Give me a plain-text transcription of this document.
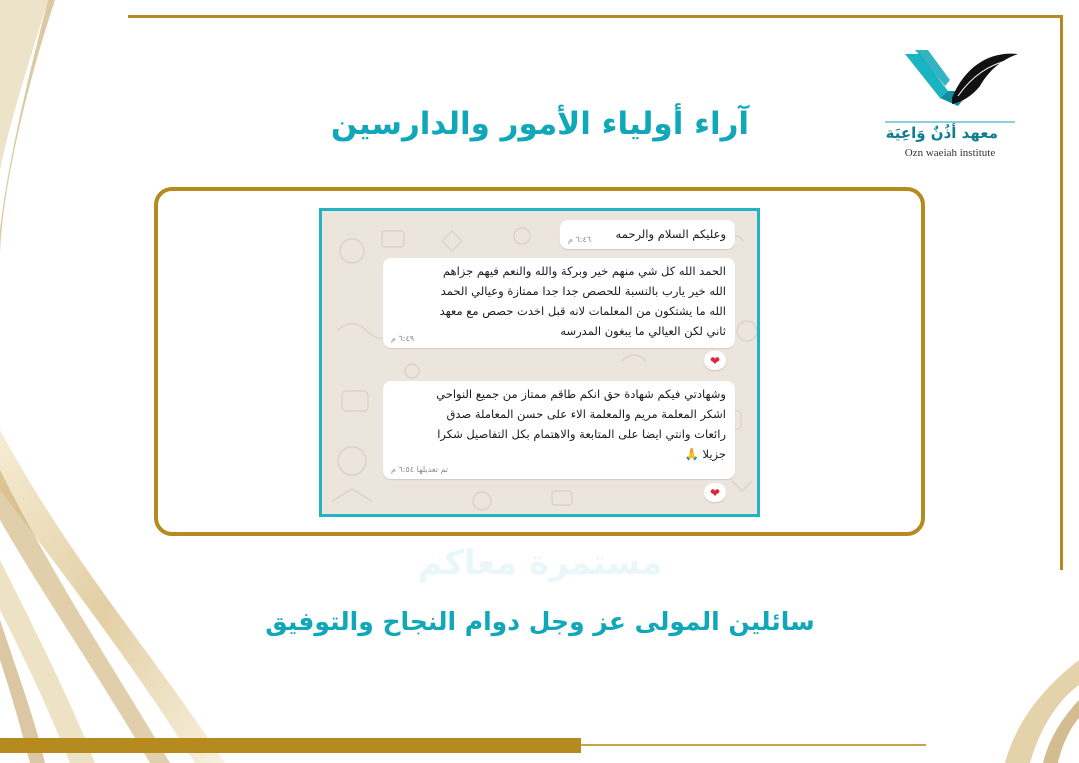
معهد أذُنٌ وَاعِيَة
Ozn waeiah institute
آراء أولياء الأمور والدارسين
وعليكم السلام والرحمه
٦:٤٦ م
الحمد الله كل شي منهم خير وبركة والله والنعم فيهم جزاهم
الله خير يارب بالنسبة للحصص جدا جدا ممتازة وعيالي الحمد
الله ما يشتكون من المعلمات لانه قبل اخدت حصص مع معهد
ثاني لكن العيالي ما يبغون المدرسه
٦:٤٩ م
❤
وشهادتي فيكم شهادة حق انكم طاقم ممتاز من جميع النواحي
اشكر المعلمة مريم والمعلمة الاء على حسن المعاملة صدق
رائعات وانتي ايضا على المتابعة والاهتمام بكل التفاصيل شكرا
جزيلا 🙏
تم تعديلها ٦:٥٤ م
❤
مستمرة معاكم
سائلين المولى عز وجل دوام النجاح والتوفيق
